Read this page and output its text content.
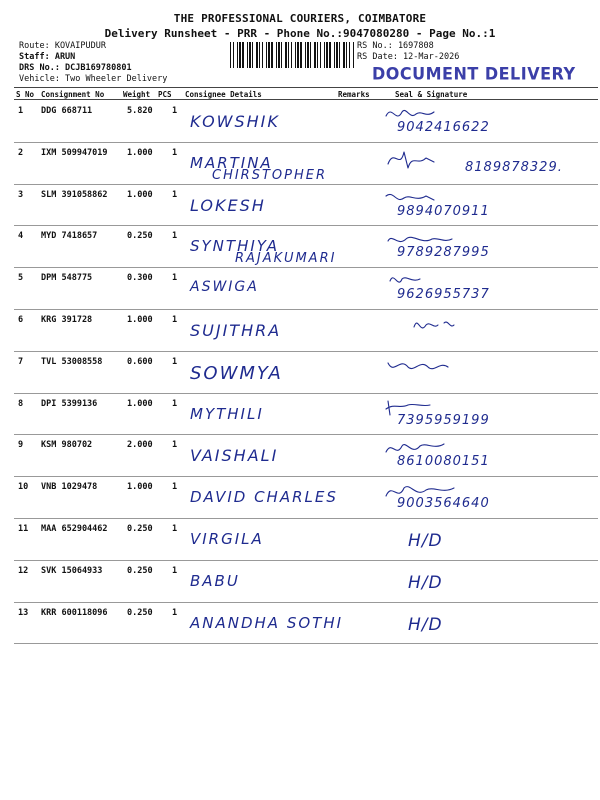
THE PROFESSIONAL COURIERS, COIMBATORE
Delivery Runsheet - PRR - Phone No.:9047080280 - Page No.:1
Route: KOVAIPUDUR
Staff: ARUN
DRS No.: DCJB169780801
RS No.: 1697808
RS Date: 12-Mar-2026
DOCUMENT DELIVERY
Vehicle: Two Wheeler Delivery
S No Consignment No	Weight PCS Consignee Details	Remarks	Seal & Signature
1 DDG 668711	5.820 1
KOWSHIK	9042416622
2 IXM 509947019 1.000 1
MARTINA
CHIRSTOPHER
8189878329.
3 SLM 391058862 1.000 1
LOKESH	9894070911
4 MYD 7418657	0.250 1
SYNTHIYA
RAJAKUMARI	9789287995
5 DPM 548775	0.300 1
ASWIGA	9626955737
6 KRG 391728	1.000 1
SUJITHRA
7 TVL 53008558	0.600 1
SOWMYA
8 DPI 5399136	1.000 1
MYTHILI	7395959199
9 KSM 980702	2.000 1
VAISHALI	8610080151
10 VNB 1029478	1.000 1
DAVID CHARLES	9003564640
11 MAA 652904462 0.250 1
VIRGILA	H/D
12 SVK 15064933	0.250 1
BABU	H/D
13 KRR 600118096 0.250 1
ANANDHA SOTHI	H/D
